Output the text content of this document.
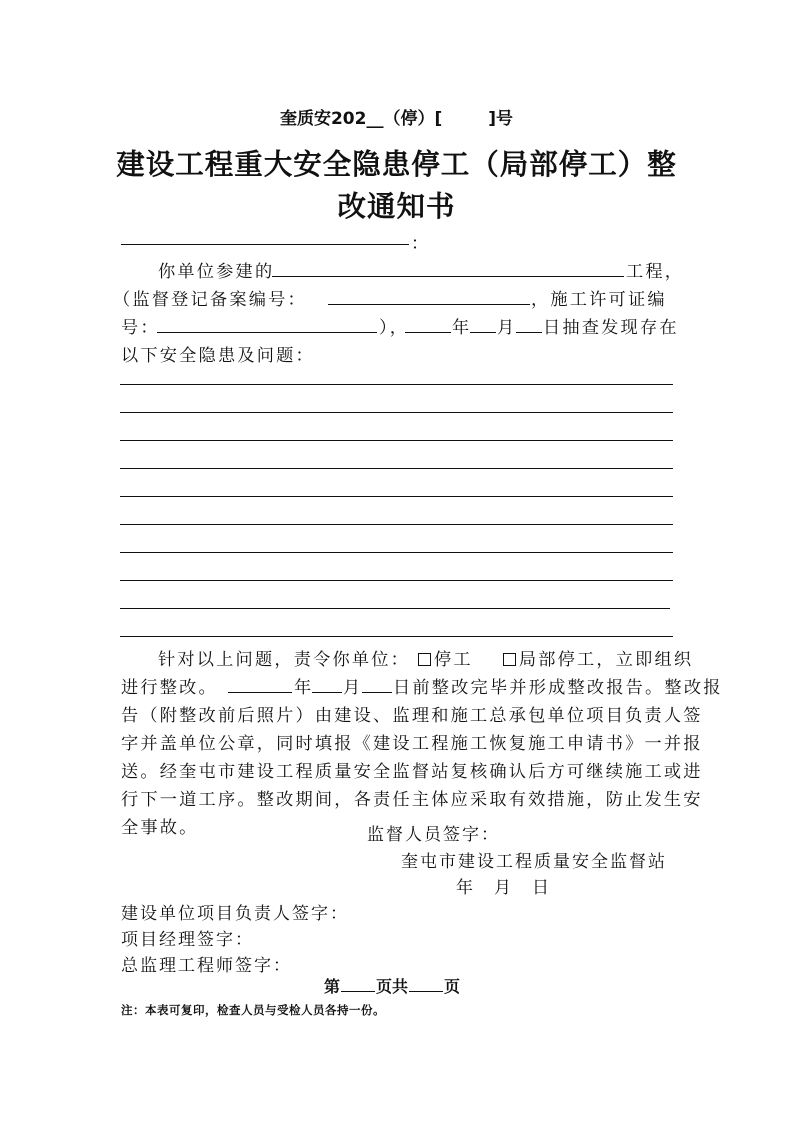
奎质安202__（停）[	]号
建设工程重大安全隐患停工（局部停工）整
改通知书
：
你单位参建的	工程，
（监督登记备案编号：	，施工许可证编
号：	）， 年 月 日抽查发现存在
以下安全隐患及问题：
针对以上问题，责令你单位： 停工	局部停工，立即组织
进行整改。	年 月 日前整改完毕并形成整改报告。整改报
告（附整改前后照片）由建设、监理和施工总承包单位项目负责人签
字并盖单位公章，同时填报《建设工程施工恢复施工申请书》一并报
送。经奎屯市建设工程质量安全监督站复核确认后方可继续施工或进
行下一道工序。整改期间，各责任主体应采取有效措施，防止发生安
全事故。	监督人员签字：
奎屯市建设工程质量安全监督站
年　月　日
建设单位项目负责人签字：
项目经理签字：
总监理工程师签字：
第 页共 页
注：本表可复印，检查人员与受检人员各持一份。
